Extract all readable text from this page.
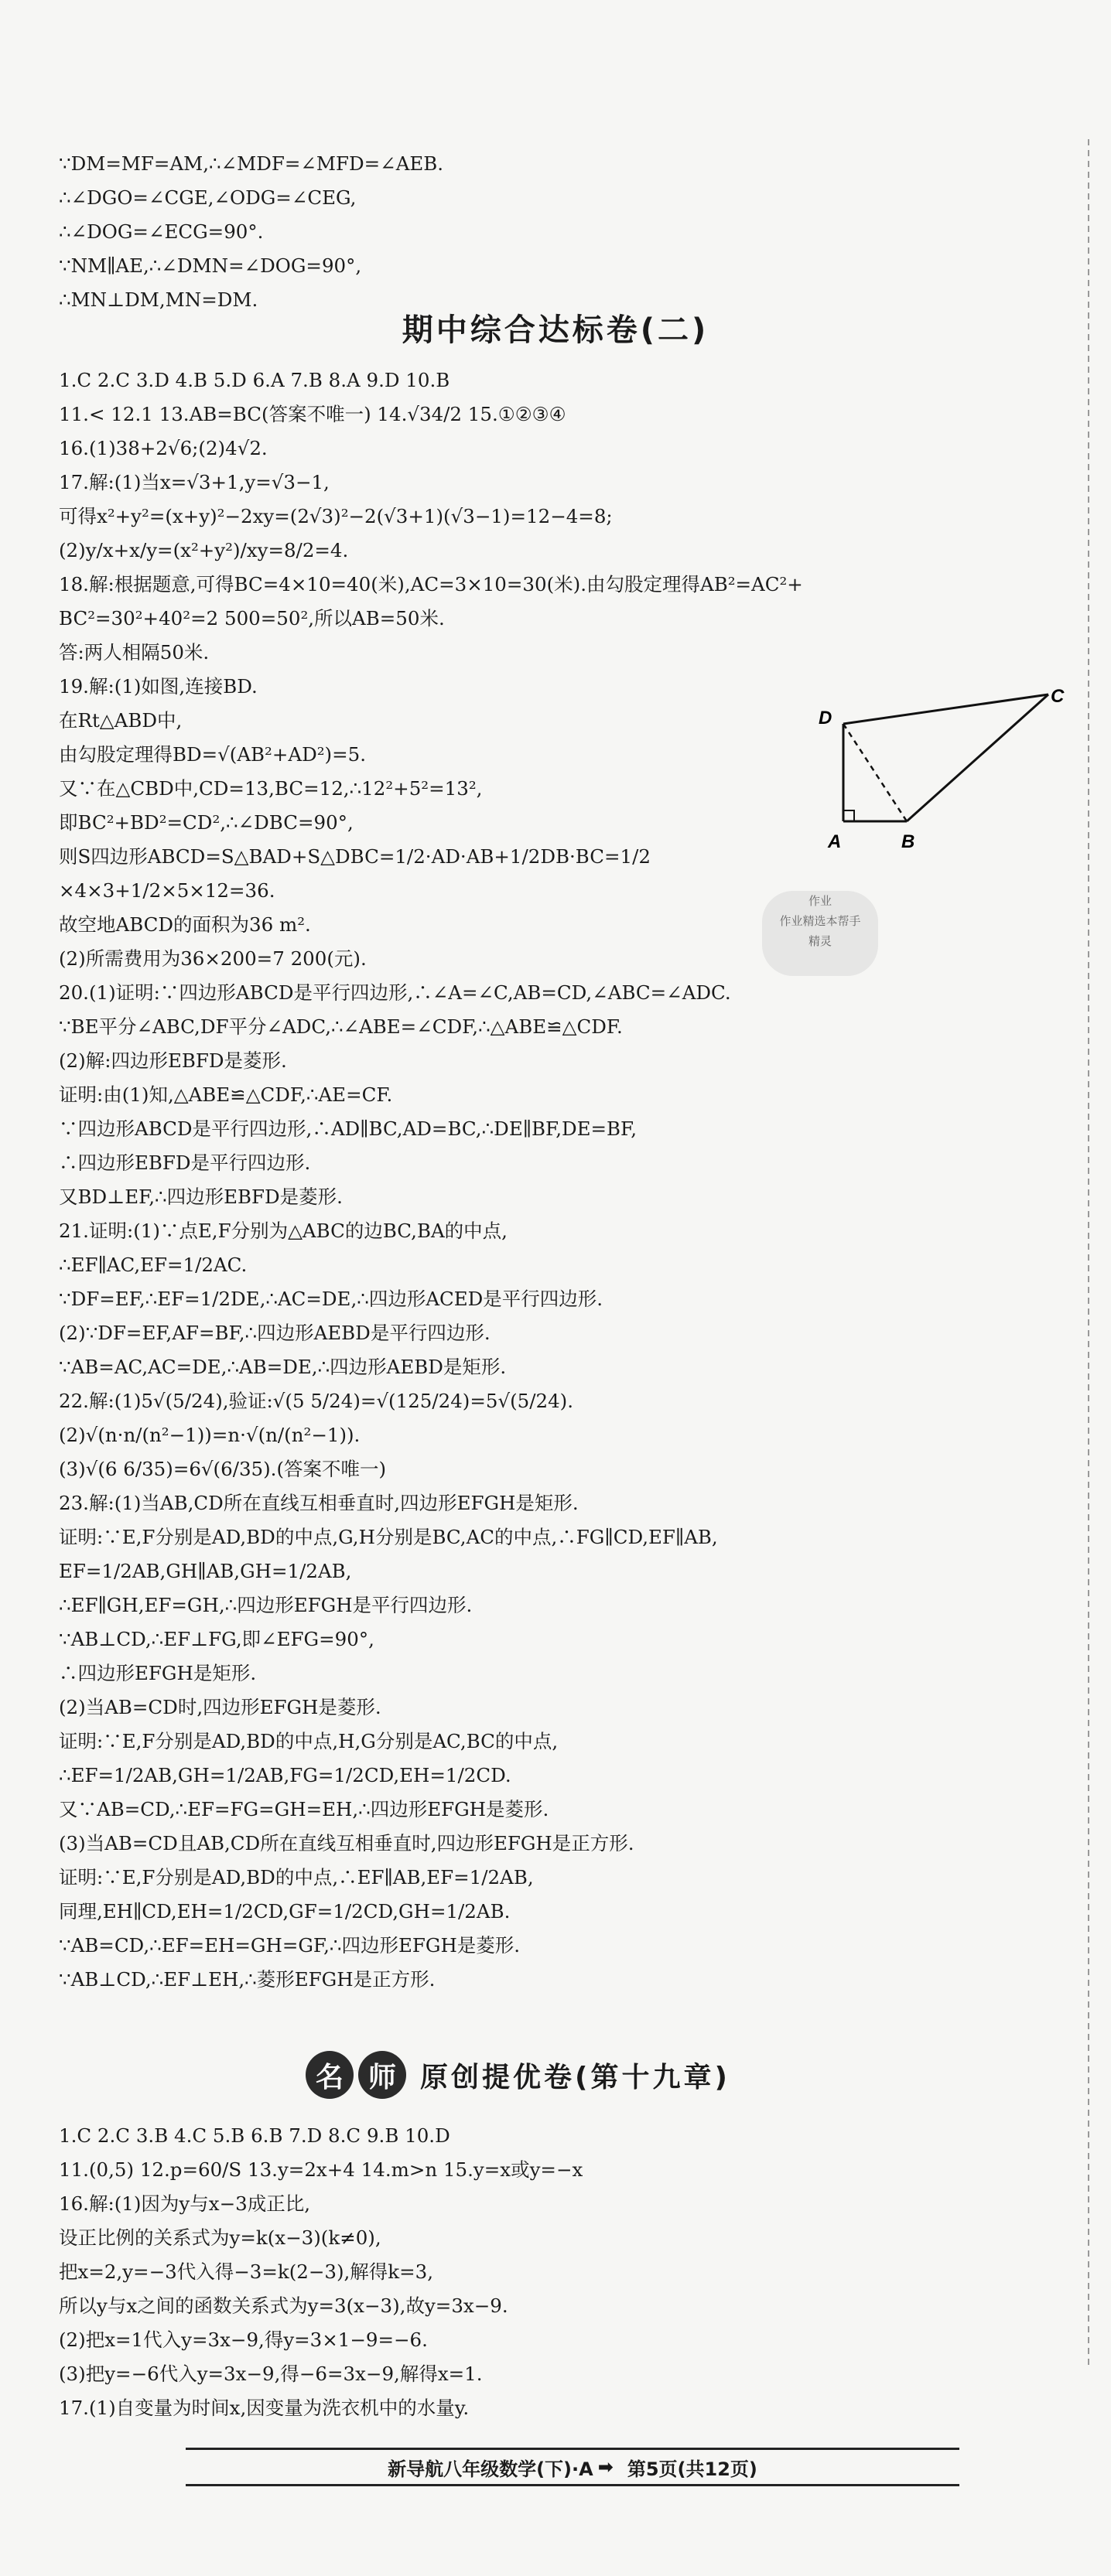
∵DM=MF=AM,∴∠MDF=∠MFD=∠AEB.
∴∠DGO=∠CGE,∠ODG=∠CEG,
∴∠DOG=∠ECG=90°.
∵NM∥AE,∴∠DMN=∠DOG=90°,
∴MN⊥DM,MN=DM.
期中综合达标卷(二)
1.C 2.C 3.D 4.B 5.D 6.A 7.B 8.A 9.D 10.B
11.< 12.1 13.AB=BC(答案不唯一) 14.√34/2 15.①②③④
16.(1)38+2√6;(2)4√2.
17.解:(1)当x=√3+1,y=√3−1,
可得x²+y²=(x+y)²−2xy=(2√3)²−2(√3+1)(√3−1)=12−4=8;
(2)y/x+x/y=(x²+y²)/xy=8/2=4.
18.解:根据题意,可得BC=4×10=40(米),AC=3×10=30(米).由勾股定理得AB²=AC²+
BC²=30²+40²=2 500=50²,所以AB=50米.
答:两人相隔50米.
19.解:(1)如图,连接BD.
在Rt△ABD中,
由勾股定理得BD=√(AB²+AD²)=5.
又∵在△CBD中,CD=13,BC=12,∴12²+5²=13²,
即BC²+BD²=CD²,∴∠DBC=90°,
则S四边形ABCD=S△BAD+S△DBC=1/2·AD·AB+1/2DB·BC=1/2
×4×3+1/2×5×12=36.
故空地ABCD的面积为36 m².
(2)所需费用为36×200=7 200(元).
20.(1)证明:∵四边形ABCD是平行四边形,∴∠A=∠C,AB=CD,∠ABC=∠ADC.
∵BE平分∠ABC,DF平分∠ADC,∴∠ABE=∠CDF,∴△ABE≌△CDF.
(2)解:四边形EBFD是菱形.
证明:由(1)知,△ABE≌△CDF,∴AE=CF.
∵四边形ABCD是平行四边形,∴AD∥BC,AD=BC,∴DE∥BF,DE=BF,
∴四边形EBFD是平行四边形.
又BD⊥EF,∴四边形EBFD是菱形.
21.证明:(1)∵点E,F分别为△ABC的边BC,BA的中点,
∴EF∥AC,EF=1/2AC.
∵DF=EF,∴EF=1/2DE,∴AC=DE,∴四边形ACED是平行四边形.
(2)∵DF=EF,AF=BF,∴四边形AEBD是平行四边形.
∵AB=AC,AC=DE,∴AB=DE,∴四边形AEBD是矩形.
22.解:(1)5√(5/24),验证:√(5 5/24)=√(125/24)=5√(5/24).
(2)√(n·n/(n²−1))=n·√(n/(n²−1)).
(3)√(6 6/35)=6√(6/35).(答案不唯一)
23.解:(1)当AB,CD所在直线互相垂直时,四边形EFGH是矩形.
证明:∵E,F分别是AD,BD的中点,G,H分别是BC,AC的中点,∴FG∥CD,EF∥AB,
EF=1/2AB,GH∥AB,GH=1/2AB,
∴EF∥GH,EF=GH,∴四边形EFGH是平行四边形.
∵AB⊥CD,∴EF⊥FG,即∠EFG=90°,
∴四边形EFGH是矩形.
(2)当AB=CD时,四边形EFGH是菱形.
证明:∵E,F分别是AD,BD的中点,H,G分别是AC,BC的中点,
∴EF=1/2AB,GH=1/2AB,FG=1/2CD,EH=1/2CD.
又∵AB=CD,∴EF=FG=GH=EH,∴四边形EFGH是菱形.
(3)当AB=CD且AB,CD所在直线互相垂直时,四边形EFGH是正方形.
证明:∵E,F分别是AD,BD的中点,∴EF∥AB,EF=1/2AB,
同理,EH∥CD,EH=1/2CD,GF=1/2CD,GH=1/2AB.
∵AB=CD,∴EF=EH=GH=GF,∴四边形EFGH是菱形.
∵AB⊥CD,∴EF⊥EH,∴菱形EFGH是正方形.
D
C
A	B
作业
作业精选本帮手
精灵
名 师 原创提优卷(第十九章)
1.C 2.C 3.B 4.C 5.B 6.B 7.D 8.C 9.B 10.D
11.(0,5) 12.p=60/S 13.y=2x+4 14.m>n 15.y=x或y=−x
16.解:(1)因为y与x−3成正比,
设正比例的关系式为y=k(x−3)(k≠0),
把x=2,y=−3代入得−3=k(2−3),解得k=3,
所以y与x之间的函数关系式为y=3(x−3),故y=3x−9.
(2)把x=1代入y=3x−9,得y=3×1−9=−6.
(3)把y=−6代入y=3x−9,得−6=3x−9,解得x=1.
17.(1)自变量为时间x,因变量为洗衣机中的水量y.
新导航八年级数学(下)·A ➡ 第5页(共12页)
